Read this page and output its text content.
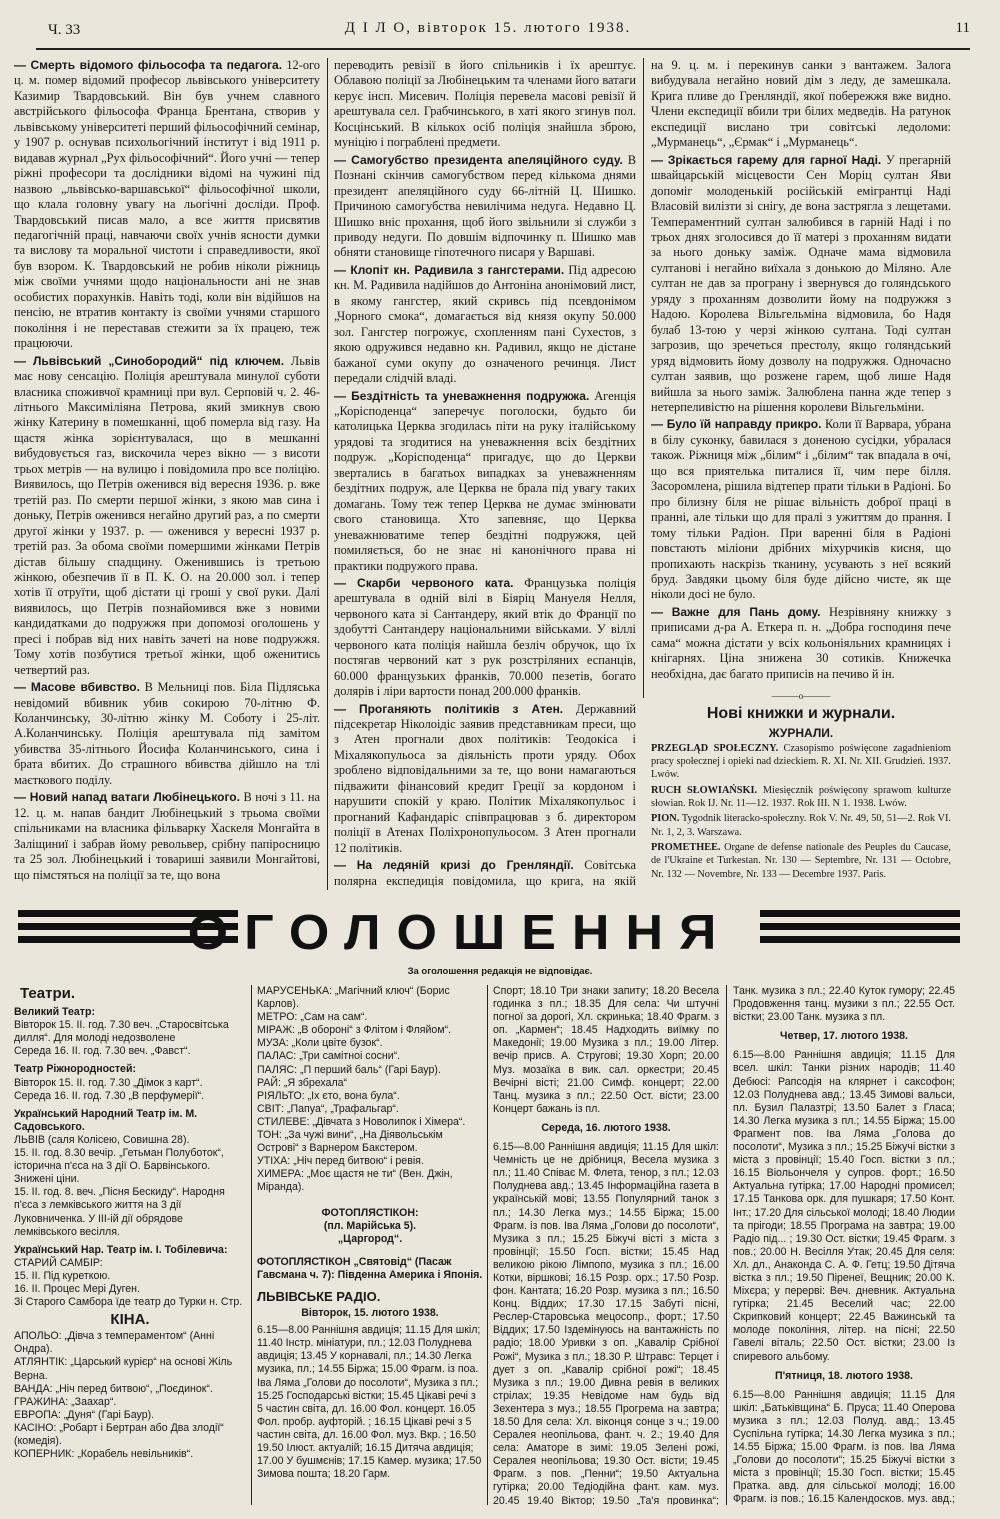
Ч. 33	Д І Л О, вівторок 15. лютого 1938.	11

— Смерть відомого фільософа та педагога. 12-ого ц. м. помер відомий професор львівського університету Казимир Твардовський. Він був учнем славного австрійського фільософа Франца Брентана, створив у львівському університеті перший фільософічний семінар, у 1907 р. оснував психольогічний інститут і від 1911 р. видавав журнал „Рух фільософічний“. Його учні — тепер ріжні професори та дослідники відомі на чужині під назвою „львівсько-варшавської“ фільософічної школи, що клала головну увагу на льогічні досліди. Проф. Твардовський писав мало, а все життя присвятив педагогічній праці, навчаючи своїх учнів ясности думки та вислову та моральної чистоти і справедливости, якої був взором. К. Твардовський не робив ніколи ріжниць між своїми учнями щодо національности ані не знав особистих порахунків. Навіть тоді, коли він відійшов на пенсію, не втратив контакту із своїми учнями старшого покоління і не переставав стежити за їх працею, теж працюючи.

— Львівський „Синобородий“ під ключем. Львів має нову сенсацію. Поліція арештувала минулої суботи власника споживчої крамниці при вул. Серповій ч. 2. 46-літнього Максиміліяна Петрова, який змикнув свою жінку Катерину в помешканні, щоб померла від газу. На щастя жінка зорієнтувалася, що в мешканні вибудовується газ, вискочила через вікно — з висоти трьох метрів — на вулицю і повідомила про все поліцію. Виявилось, що Петрів оженився від вересня 1936. р. вже третій раз. По смерти першої жінки, з якою мав сина і доньку, Петрів оженився негайно другий раз, а по смерти другої жінки у 1937. р. — оженився у вересні 1937 р. третій раз. За обома своїми помершими жінками Петрів дістав більшу спадщину. Оженившись із третьою жінкою, обезпечив її в П. К. О. на 20.000 зол. і тепер хотів її отруїти, щоб дістати ці гроші у свої руки. Далі виявилось, що Петрів познайомився вже з новими кандидатками до подружжя при допомозі оголошень у пресі і побрав від них навіть зачеті на нове подружжя. Тому хотів позбутися третьої жінки, щоб оженитись четвертий раз.

— Масове вбивство. В Мельниці пов. Біла Підляська невідомий вбивник убив сокирою 70-літню Ф. Коланчинську, 30-літню жінку М. Соботу і 25-літ. А.Коланчинську. Поліція арештувала під замітом убивства 35-літнього Йосифа Коланчинського, сина і брата вбитих. До страшного вбивства дійшло на тлі маєткового поділу.

— Новий напад ватаги Любінецького. В ночі з 11. на 12. ц. м. напав бандит Любінецький з трьома своїми спільниками на власника фільварку Хаскеля Монгайта в Заліщиниї і забрав йому револьвер, срібну папіросницю та 25 зол. Любінецький і товариші заявили Монгайтові, що пімстяться на поліції за те, що вона

переводить ревізії в його спільників і їх арештує. Облавою поліції за Любінецьким та членами його ватаги керує інсп. Мисевич. Поліція перевела масові ревізії й арештувала сел. Грабчинського, в хаті якого згинув пол. Косцінський. В кількох осіб поліція знайшла зброю, муніцію і пограблені предмети.

— Самогубство президента апеляційного суду. В Познані скінчив самогубством перед кількома днями президент апеляційного суду 66-літній Ц. Шишко. Причиною самогубства невилічима недуга. Недавно Ц. Шишко вніс прохання, щоб його звільнили зі служби з приводу недуги. По довшім відпочинку п. Шишко мав обняти становище гіпотечного писаря у Варшаві.

— Клопіт кн. Радивила з гангстерами. Під адресою кн. М. Радивила надійшов до Антоніна анонімовий лист, в якому гангстер, який скривсь під псевдонімом „Чорного смока“, домагається від князя окупу 50.000 зол. Гангстер погрожує, схопленням пані Сухестов, з якою одружився недавно кн. Радивил, якщо не дістане бажаної суми окупу до означеного речинця. Лист передали слідчій владі.

— Бездітність та уневажнення подружжа. Агенція „Корісподенца“ заперечує поголоски, будьто би католицька Церква згодилась піти на руку італійському урядові та згодитися на уневажнення всіх бездітних подруж. „Корісподенца“ пригадує, що до Церкви звертались в багатьох випадках за уневажненням бездітних подруж, але Церква не брала під увагу таких домагань. Тому теж тепер Церква не думає змінювати свого становища. Хто запевняє, що Церква уневажнюватиме тепер бездітні подружжя, цей помиляється, бо не знає ні канонічного права ні практики подружого права.

— Скарби червоного ката. Французька поліція арештувала в одній вілі в Біяріц Мануеля Нелля, червоного ката зі Сантандеру, який втік до Франції по здобутті Сантандеру національними військами. У віллі червоного ката поліція найшла безліч обручок, що їх постягав червоний кат з рук розстріляних еспанців, 60.000 французьких франків, 70.000 пезетів, богато долярів і ліри вартости понад 200.000 франків.

— Проганяють політиків з Атен. Державний підсекретар Ніколоідіс заявив представникам преси, що з Атен прогнали двох політиків: Теодокіса і Міхалякопульоса за діяльність проти уряду. Обох зроблено відповідальними за те, що вони намагаються підважити фінансовий кредит Греції за кордоном і нарушити спокій у краю. Політик Міхалякопульос і прогнаний Кафандаріс співпрацював з б. директором поліції в Атенах Поліхронопульосом. З Атен прогнали 12 політиків.

— На ледяній кризі до Гренляндії. Совітська полярна експедиція повідомила, що крига, на якій

на 9. ц. м. і перекинув санки з вантажем. Залога вибудувала негайно новий дім з леду, де замешкала. Крига пливе до Гренляндії, якої побережжя вже видно. Члени експедиції вбили три білих медведів. На ратунок експедиції вислано три совітські ледоломи: „Мурманець“, „Єрмак“ і „Мурманець“.

— Зрікається гарему для гарної Наді. У прегарній швайцарській місцевости Сен Моріц султан Яви допоміг молоденькій російській емігрантці Наді Власовій вилізти зі снігу, де вона застрягла з лещетами. Темпераментний султан залюбився в гарній Наді і по трьох днях зголосився до її матері з проханням видати за нього доньку заміж. Одначе мама відмовила султанові і негайно виїхала з донькою до Міляно. Але султан не дав за програну і звернувся до голяндського уряду з проханням дозволити йому на подружжя з Надою. Королева Вільгельміна відмовила, бо Надя булаб 13-тою у черзі жінкою султана. Тоді султан загрозив, що зречеться престолу, якщо голяндський уряд відмовить йому дозволу на подружжя. Одночасно султан заявив, що розжене гарем, щоб лише Надя вийшла за нього заміж. Залюблена панна жде тепер з нетерпеливістю на рішення королеви Вільгельміни.

— Було їй направду прикро. Коли її Варвара, убрана в білу суконку, бавилася з доненою сусідки, убралася також. Ріжниця між „білим“ і „білим“ так впадала в очі, що вся приятелька питалися її, чим пере білля. Засоромлена, рішила відтепер прати тільки в Радіоні. Бо про білизну біля не рішає вільність доброї праці в пранні, але тільки що для пралі з ужиттям до прання. І тому тільки Радіон. При варенні біля в Радіоні повстають міліони дрібних міхурчиків кисня, що пропихають наскрізь тканину, усувають з неї всякий бруд. Завдяки цьому біля буде дійсно чисте, як ще ніколи досі не було.

— Важне для Пань дому. Незрівняну книжку з приписами д-ра А. Еткера п. н. „Добра господиня пече сама“ можна дістати у всіх кольоніяльних крамницях і кнігарнях. Ціна знижена 30 сотиків. Книжечка необхідна, дає багато приписів на печиво й ін.

———o———
Нові книжки и журнали.
ЖУРНАЛИ.

PRZEGLĄD SPOŁECZNY. Czasopismo poświęcone zagadnieniom pracy społecznej i opieki nad dzieckiem. R. XI. Nr. XII. Grudzień. 1937. Lwów.

RUCH SŁOWIAŃSKI. Miesięcznik poświęcony sprawom kulturze słowian. Rok IJ. Nr. 11—12. 1937. Rok III. N 1. 1938. Lwów.

PION. Tygodnik literacko-społeczny. Rok V. Nr. 49, 50, 51—2. Rok VI. Nr. 1, 2, 3. Warszawa.

PROMETHEE. Organe de defense nationale des Peuples du Caucase, de l'Ukraine et Turkestan. Nr. 130 — Septembre, Nr. 131 — Octobre, Nr. 132 — Novembre, Nr. 133 — Decembre 1937. Paris.

ОГОЛОШЕННЯ
За оголошення редакція не відповідає.
Театри.

Великий Театр:

Вівторок 15. II. год. 7.30 веч. „Старосвітська дилля“. Для молоді недозволене

Середа 16. II. год. 7.30 веч. „Фавст“.

Театр Ріжнородностей:

Вівторок 15. II. год. 7.30 „Дімок з карт“.

Середа 16. II. год. 7.30 „В перфумерії“.

Український Народний Театр ім. М. Садовського.

ЛЬВІВ (саля Колісею, Совишна 28).

15. II. год. 8.30 вечір. „Гетьман Полуботок“, історична п'єса на 3 дії О. Барвінського. Знижені ціни.

15. II. год. 8. веч. „Пісня Бескиду“. Народня п'єса з лемківського життя на 3 дії Луковниченка. У III-ій дії обрядове лемківського весілля.

Український Нар. Театр ім. І. Тобілевича:

СТАРИЙ САМБІР:

15. II. Під куреткою.

16. II. Процес Мері Дуген.

Зі Старого Самбора їде театр до Турки н. Стр.

КІНА.

АПОЛЬО: „Дівча з темпераментом“ (Анні Ондра).

АТЛЯНТІК: „Царський курієр“ на основі Жіль Верна.

ВАНДА: „Ніч перед битвою“, „Поєдинок“.

ГРАЖИНА: „Заахар“.

ЕВРОПА: „Дуня“ (Гарі Баур).

КАСІНО: „Робарт і Бертран або Два злодії“ (комедія).

КОПЕРНИК: „Корабель невільників“.

МАРУСЕНЬКА: „Магічний ключ“ (Борис Карлов).

МЕТРО: „Сам на сам“.

МІРАЖ: „В обороні“ з Флітом і Фляйом“.

МУЗА: „Коли цвіте бузок“.

ПАЛАС: „Три самітноі сосни“.

ПАЛЯС: „П перший баль“ (Гарі Баур).

РАЙ: „Я збрехала“

РІЯЛЬТО: „Іх єто, вона була“.

СВІТ: „Папуа“, „Трафальгар“.

СТИЛЕВЕ: „Дівчата з Новолипок і Хімера“.

ТОН: „За чужі вини“, „На Діявольськім Острові“ з Варнером Бакстером.

УТІХА: „Ніч перед битвою“ і ревія.

ХИМЕРА: „Моє щастя не ти“ (Вен. Джін, Міранда).

ФОТОПЛЯСТІКОН:
(пл. Марійська 5).
„Царгород“.
ФОТОПЛЯСТІКОН „Святовід“ (Пасаж Гавсмана ч. 7): Південна Америка і Японія.
ЛЬВІВСЬКЕ РАДІО.
Вівторок, 15. лютого 1938.

6.15—8.00 Раннішня авдиція; 11.15 Для шкіл; 11.40 Інстр. мініатури, пл.; 12.03 Полуднева авдиція; 13.45 У корнавалі, пл.; 14.30 Легка музика, пл.; 14.55 Біржа; 15.00 Фрагм. із поа. Іва Ляма „Голови до посолоти“, Музика з пл.; 15.25 Господарські вістки; 15.45 Цікаві речі з 5 частин світа, дл. 16.00 Фол. концерт. 16.05 Фол. пробр. ауфторій. ; 16.15 Цікаві речі з 5 частин світа, дл. 16.00 Фол. муз. Вкр. ; 16.50 19.50 Ілюст. актуалій; 16.15 Дитяча авдиція; 17.00 У бушмєнів; 17.15 Камер. музика; 17.50 Зимова пошта; 18.20 Гарм.

Спорт; 18.10 Три знаки запиту; 18.20 Весела годинка з пл.; 18.35 Для села: Чи штучні погної за дорогі, Хл. скринька; 18.40 Фрагм. з оп. „Кармен“; 18.45 Надходить виїмку по Македонії; 19.00 Музика з пл.; 19.00 Літер. вечір присв. А. Стругові; 19.30 Хорп; 20.00 Муз. мозаїка в вик. сал. оркестри; 20.45 Вечірні вісті; 21.00 Симф. концерт; 22.00 Танц. музика з пл.; 22.50 Ост. вісти; 23.00 Концерт бажань із пл.

Середа, 16. лютого 1938.

6.15—8.00 Раннішня авдиція; 11.15 Для шкіл: Чемність це не дрібниця, Весела музика з пл.; 11.40 Співає М. Флета, тенор, з пл.; 12.03 Полуднева авд.; 13.45 Інформаційна газета в українській мові; 13.55 Популярний танок з пл.; 14.30 Легка муз.; 14.55 Біржа; 15.00 Фрагм. із пов. Іва Ляма „Голови до посолоти“, Музика з пл.; 15.25 Біжучі вісті з міста з провінції; 15.50 Госп. вістки; 15.45 Над великою рікою Лімпопо, музика з пл.; 16.00 Котки, віршкові; 16.15 Розр. орх.; 17.50 Розр. фон. Кантата; 16.20 Розр. музика з пл.; 16.50 Конц. Віддих; 17.30 17.15 Забуті пісні, Реслер-Старовська мецосопр., форт.; 17.50 Віддих; 17.50 Іздемінуюсь на вантажність по радіо; 18.00 Уривки з оп. „Кавалір Срібної Рожі“, Музика з пл.; 18.30 Р. Штравс: Терцет і дует з оп. „Кавалір срібної рожі“; 18.45 Музика з пл.; 19.00 Дивна ревія в великих стрілах; 19.35 Невідоме нам будь від Зехентера з муз.; 18.55 Прогрема на завтра; 18.50 Для села: Хл. віконця сонце з ч.; 19.00 Сералея неопільова, фант. ч. 2.; 19.40 Для села: Аматоре в зимі: 19.05 Зелені рожі, Сералея неопільова; 19.30 Ост. вісти; 19.45 Фрагм. з пов. „Пенни“; 19.50 Актуальна гутірка; 20.00 Тедіодійна фант. кам. муз. 20.45 19.40 Віктор; 19.50 „Та'я провинка“;

Танк. музика з пл.; 22.40 Куток гумору; 22.45 Продовження танц. музики з пл.; 22.55 Ост. вістки; 23.00 Танк. музика з пл.

Четвер, 17. лютого 1938.

6.15—8.00 Раннішня авдиція; 11.15 Для всел. шкіл: Танки різних народів; 11.40 Дебюсі: Рапсодія на клярнет і саксофон; 12.03 Полуднева авд.; 13.45 Зимові вальси, пл. Бузил Палазтрі; 13.50 Балет з Гласа; 14.30 Легка музика з пл.; 14.55 Біржа; 15.00 Фрагмент пов. Іва Ляма „Голова до посолоти“, Музика з пл.; 15.25 Біжучі вістки з міста з провінції; 15.40 Госп. вістки з пл.; 16.15 Віольончеля у супров. форт.; 16.50 Актуальна гутірка; 17.00 Народні промисел; 17.15 Танкова орк. для пушкаря; 17.50 Конт. Інт.; 17.20 Для сільської молоді; 18.40 Людии та прігоди; 18.55 Програма на завтра; 19.00 Радіо під... ; 19.30 Ост. вістки; 19.45 Фрагм. з пов.; 20.00 Н. Весілля Утак; 20.45 Для селя: Хл. дл., Анаконда С. А. Ф. Гетц; 19.50 Дітяча вістка з пл.; 19.50 Піренеї, Вещник; 20.00 К. Міхєра; у перерві: Веч. дневник. Актуальна гутірка; 21.45 Веселий час; 22.00 Скрипковий концерт; 22.45 Важинськй та молоде покоління, літер. на пісні; 22.50 Гавелі віталь; 22.50 Ост. вістки; 23.00 Із спиревого альбому.

П'ятниця, 18. лютого 1938.

6.15—8.00 Раннішня авдиція; 11.15 Для шкіл: „Батьківщина“ Б. Пруса; 11.40 Оперова музика з пл.; 12.03 Полуд. авд.; 13.45 Суспільна гутірка; 14.30 Легка музика з пл.; 14.55 Біржа; 15.00 Фрагм. із пов. Іва Ляма „Голови до посолоти“; 15.25 Біжучі вістки з міста з провінції; 15.30 Госп. вістки; 15.45 Пратка. авд. для сільської молоді; 16.00 Фрагм. із пов.; 16.15 Календосков. муз. авд.;
